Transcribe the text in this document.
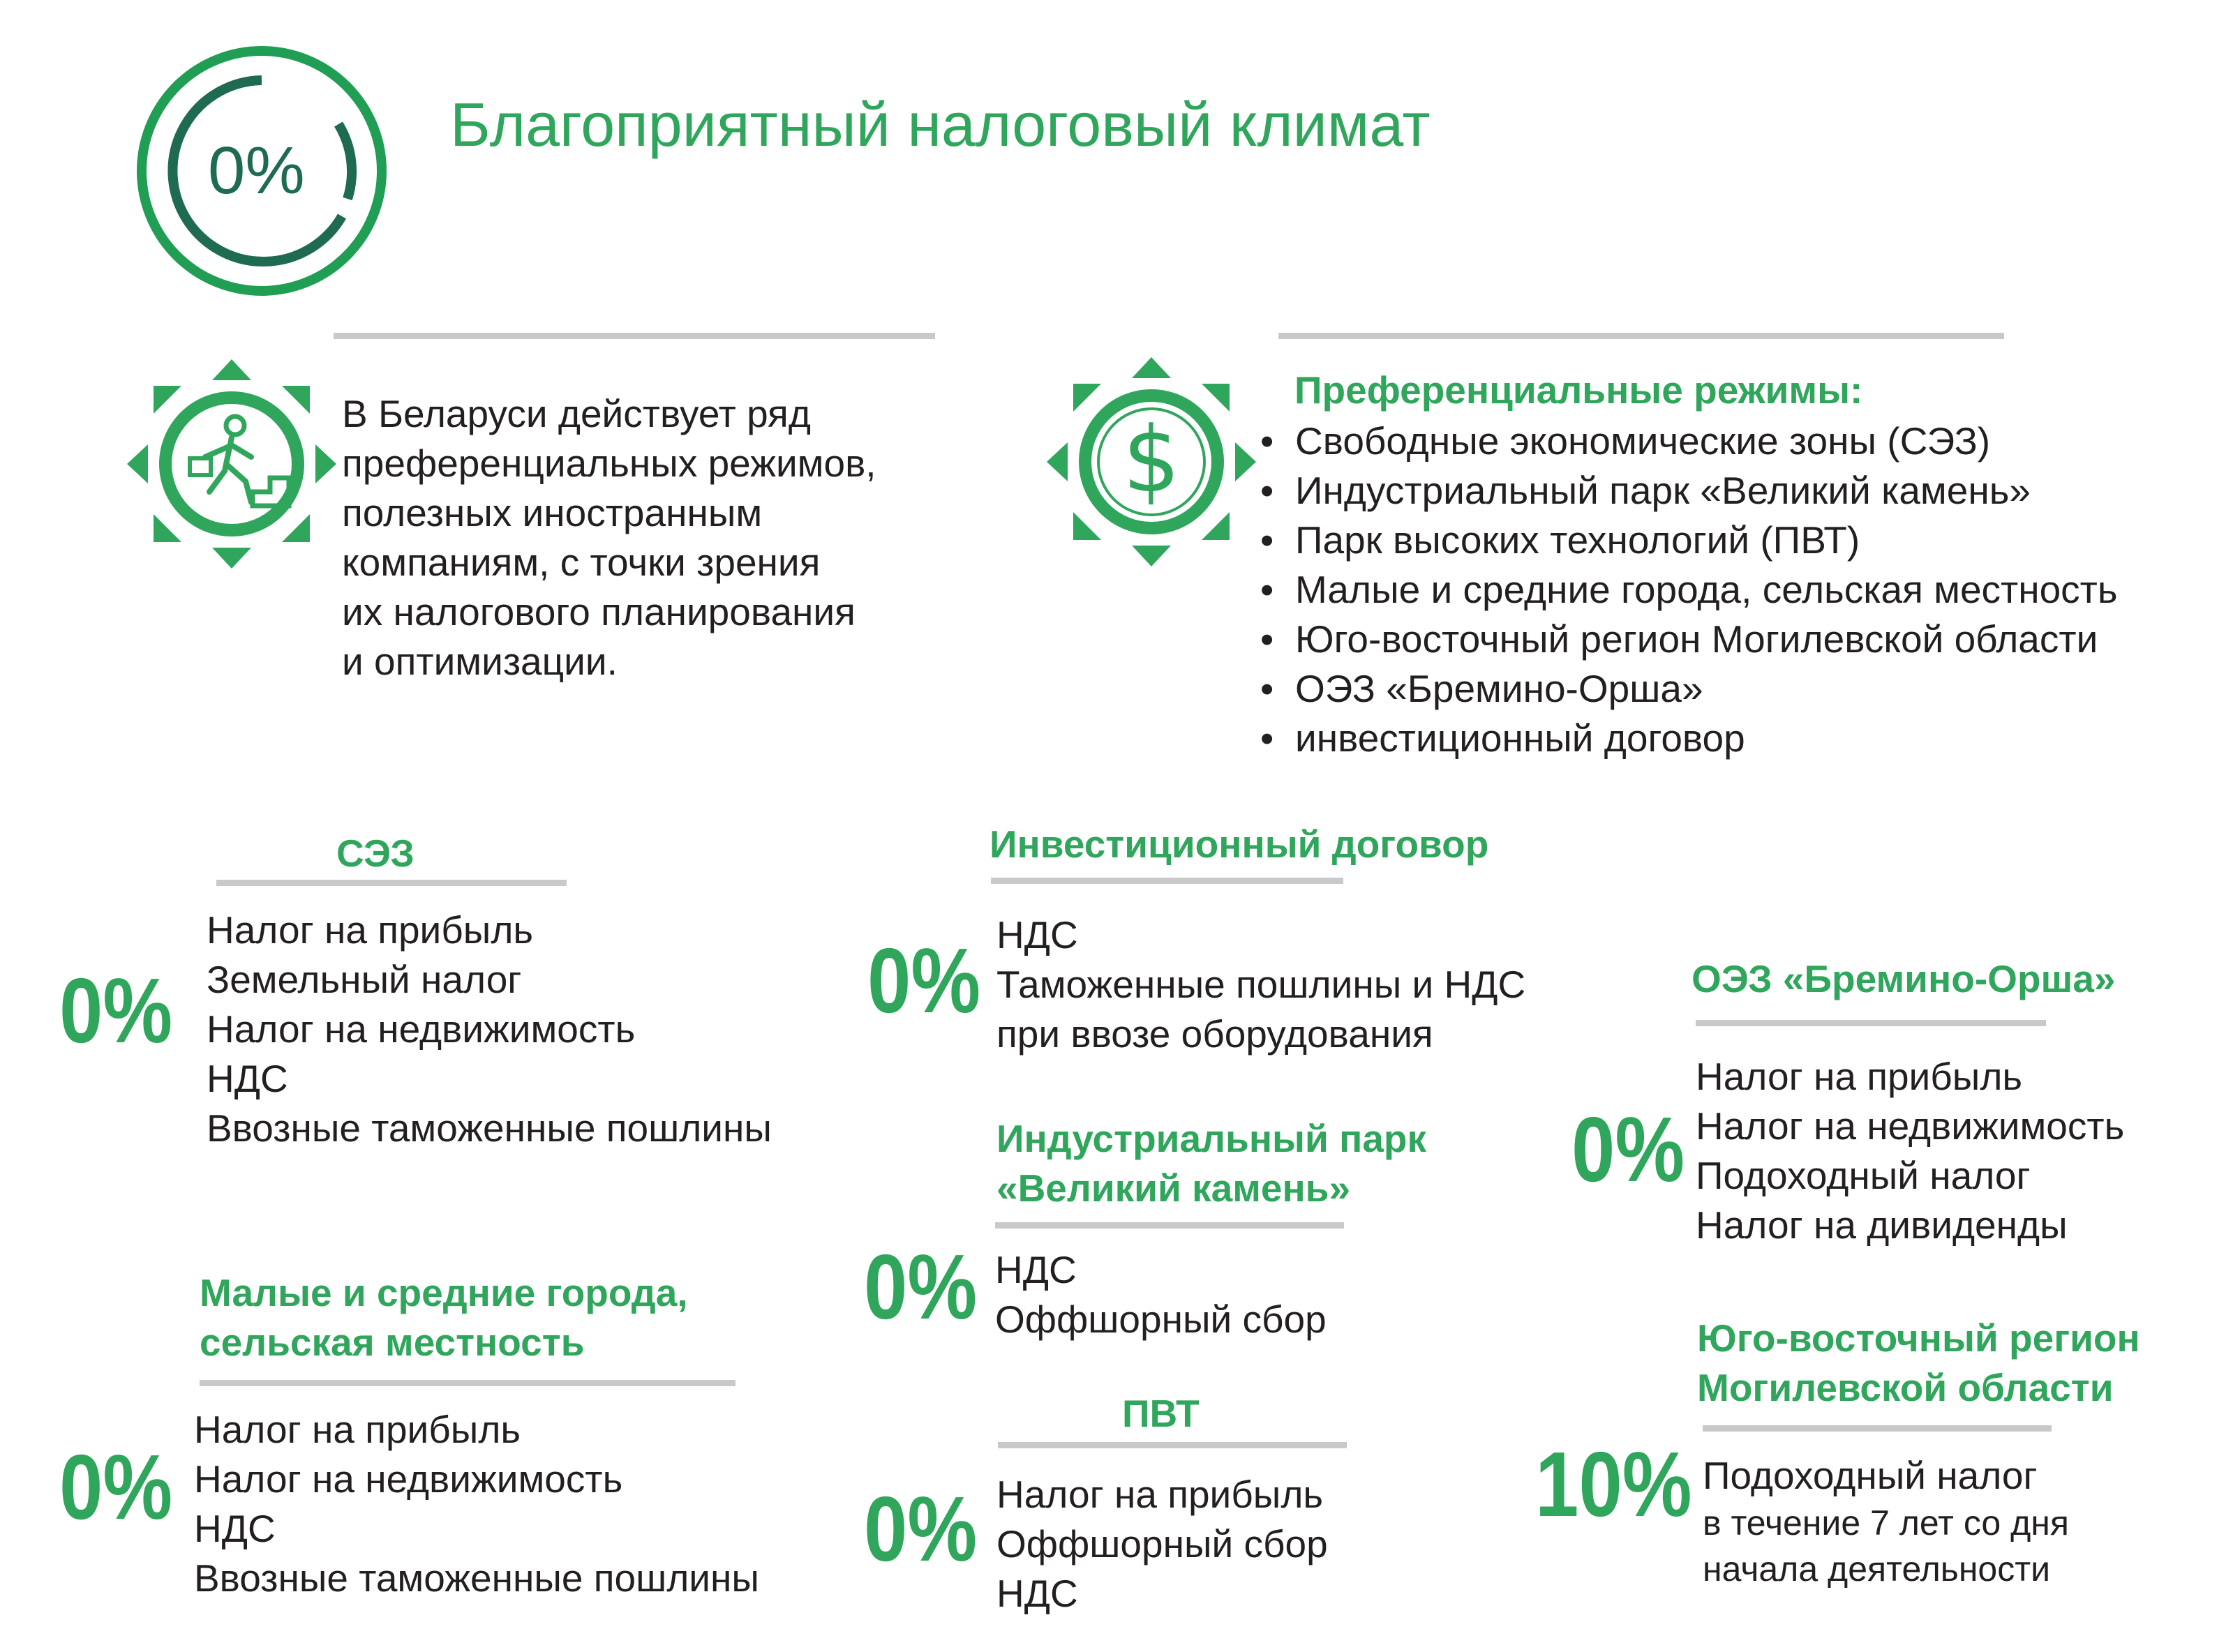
0%
Благоприятный налоговый климат
В Беларуси действует ряд
преференциальных режимов,
полезных иностранным
компаниям, с точки зрения
их налогового планирования
и оптимизации.
$
Преференциальные режимы:
• Свободные экономические зоны (СЭЗ)
• Индустриальный парк «Великий камень»
• Парк высоких технологий (ПВТ)
• Малые и средние города, сельская местность
• Юго-восточный регион Могилевской области
• ОЭЗ «Бремино-Орша»
• инвестиционный договор
СЭЗ
0%
Налог на прибыль
Земельный налог
Налог на недвижимость
НДС
Ввозные таможенные пошлины
Малые и средние города,
сельская местность
0%
Налог на прибыль
Налог на недвижимость
НДС
Ввозные таможенные пошлины
Инвестиционный договор
0% НДС
Таможенные пошлины и НДС
при ввозе оборудования
Индустриальный парк
«Великий камень»
0% НДС
Оффшорный сбор
ПВТ
0% Налог на прибыль
Оффшорный сбор
НДС
ОЭЗ «Бремино-Орша»
0%
Налог на прибыль
Налог на недвижимость
Подоходный налог
Налог на дивиденды
Юго-восточный регион
Могилевской области
10% Подоходный налог
в течение 7 лет со дня
начала деятельности
